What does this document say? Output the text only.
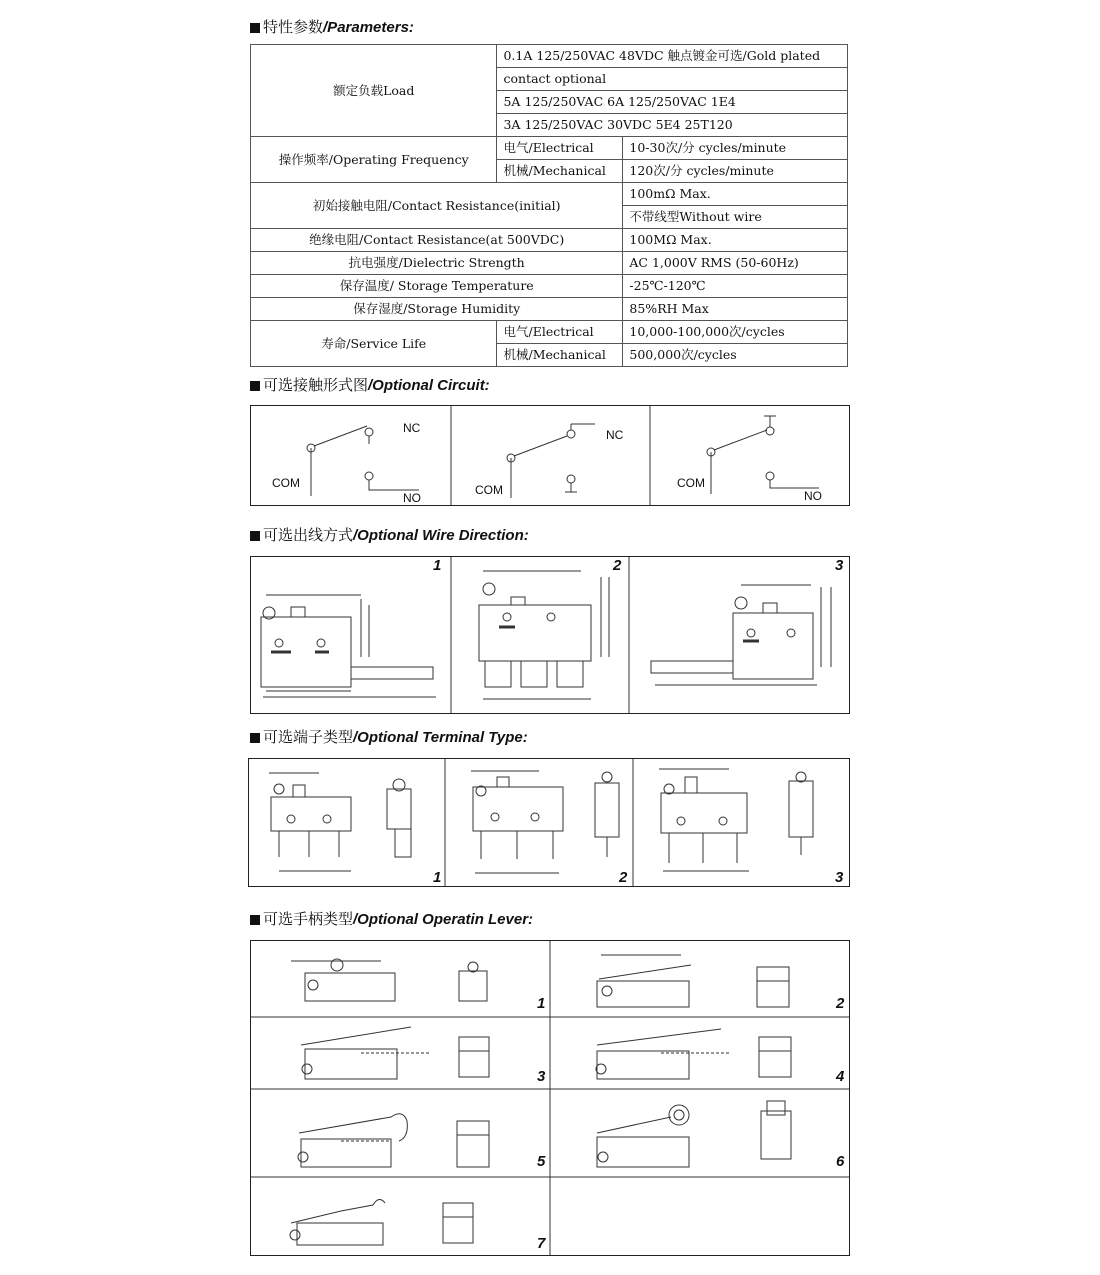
特性参数/Parameters:
额定负载Load	0.1A 125/250VAC 48VDC 触点镀金可选/Gold plated	
	contact optional	
	5A 125/250VAC 6A 125/250VAC 1E4	
	3A 125/250VAC 30VDC 5E4 25T120	
操作频率/Operating Frequency	电气/Electrical	10-30次/分 cycles/minute
	机械/Mechanical	120次/分 cycles/minute
初始接触电阻/Contact Resistance(initial)		100mΩ Max.
		不带线型Without wire
绝缘电阻/Contact Resistance(at 500VDC)		100MΩ Max.
抗电强度/Dielectric Strength		AC 1,000V RMS (50-60Hz)
保存温度/ Storage Temperature		-25℃-120℃
保存湿度/Storage Humidity		85%RH Max
寿命/Service Life	电气/Electrical	10,000-100,000次/cycles
	机械/Mechanical	500,000次/cycles
可选接触形式图/Optional Circuit:
NC
NO
COM
NC
COM	COM
NO
可选出线方式/Optional Wire Direction:
1	2	3
可选端子类型/Optional Terminal Type:
1	2	3
可选手柄类型/Optional Operatin Lever:
1	2
3	4
5	6
7
